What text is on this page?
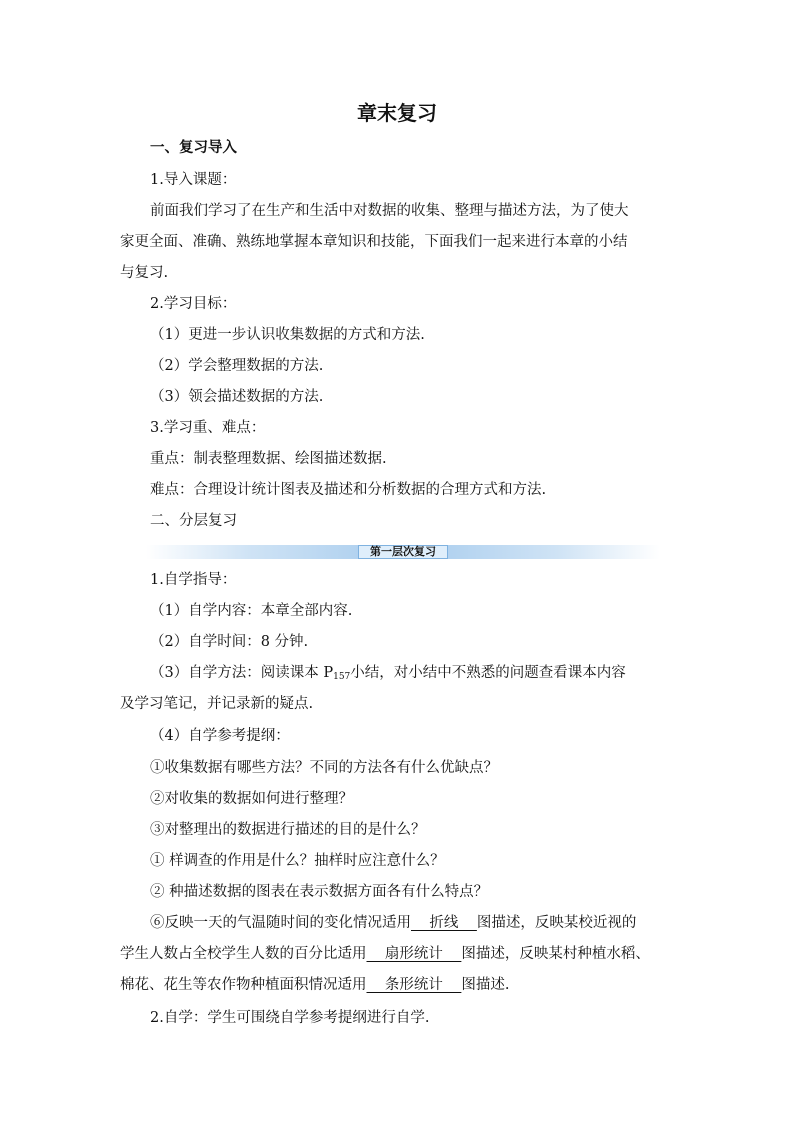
章末复习
一、复习导入
1.导入课题：
前面我们学习了在生产和生活中对数据的收集、整理与描述方法，为了使大
家更全面、准确、熟练地掌握本章知识和技能，下面我们一起来进行本章的小结
与复习.
2.学习目标：
（1）更进一步认识收集数据的方式和方法.
（2）学会整理数据的方法.
（3）领会描述数据的方法.
3.学习重、难点：
重点：制表整理数据、绘图描述数据.
难点：合理设计统计图表及描述和分析数据的合理方式和方法.
二、分层复习
第一层次复习
1.自学指导：
（1）自学内容：本章全部内容.
（2）自学时间：8 分钟.
（3）自学方法：阅读课本 $P_{157}$小结，对小结中不熟悉的问题查看课本内容
及学习笔记，并记录新的疑点.
（4）自学参考提纲：
①收集数据有哪些方法？不同的方法各有什么优缺点？
②对收集的数据如何进行整理？
③对整理出的数据进行描述的目的是什么？
① 样调查的作用是什么？抽样时应注意什么？
② 种描述数据的图表在表示数据方面各有什么特点？
⑥反映一天的气温随时间的变化情况适用    折线    图描述，反映某校近视的
学生人数占全校学生人数的百分比适用    扇形统计    图描述，反映某村种植水稻、
棉花、花生等农作物种植面积情况适用    条形统计    图描述.
2.自学：学生可围绕自学参考提纲进行自学.
